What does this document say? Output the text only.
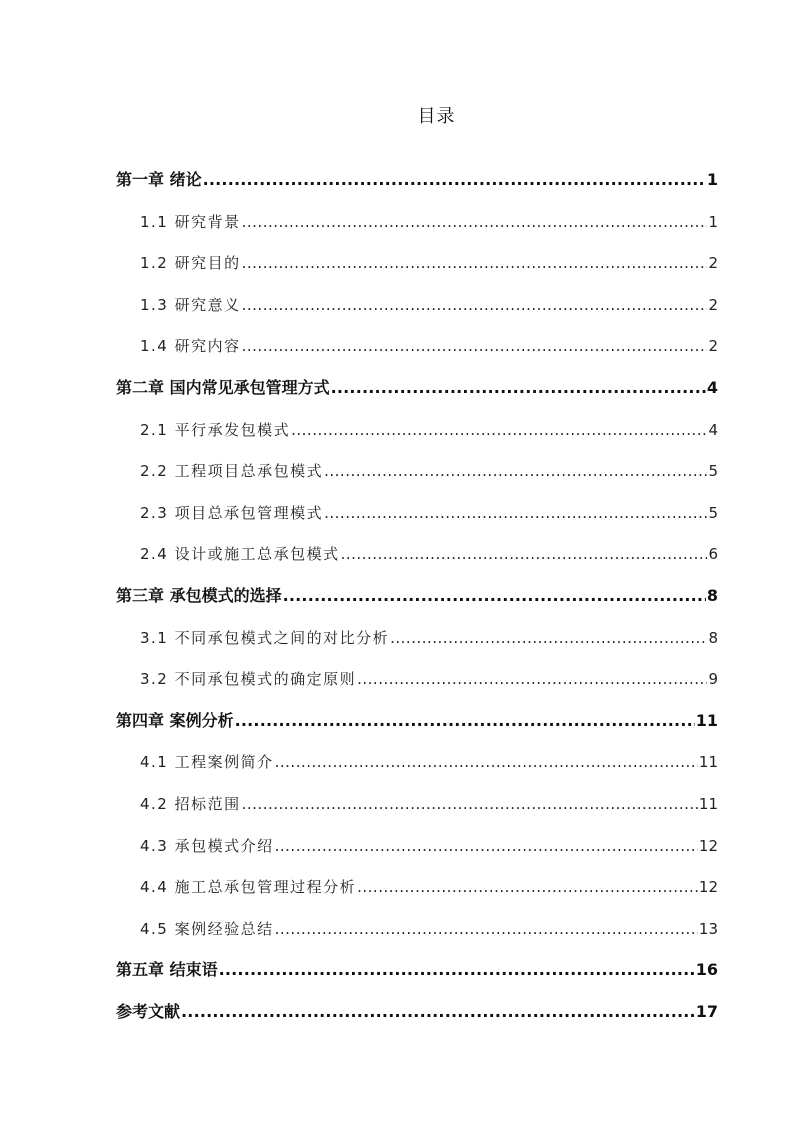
目录
第一章 绪论 .....	1
1.1 研究背景 .....	1
1.2 研究目的 .....	2
1.3 研究意义 .....	2
1.4 研究内容 .....	2
第二章 国内常见承包管理方式 .....	4
2.1 平行承发包模式 .....	4
2.2 工程项目总承包模式 .....	5
2.3 项目总承包管理模式 .....	5
2.4 设计或施工总承包模式 .....	6
第三章 承包模式的选择 .....	8
3.1 不同承包模式之间的对比分析 .....	8
3.2 不同承包模式的确定原则 .....	9
第四章 案例分析 .....	11
4.1 工程案例简介 .....	11
4.2 招标范围 .....	11
4.3 承包模式介绍 .....	12
4.4 施工总承包管理过程分析 .....	12
4.5 案例经验总结 .....	13
第五章 结束语 .....	16
参考文献 .....	17
